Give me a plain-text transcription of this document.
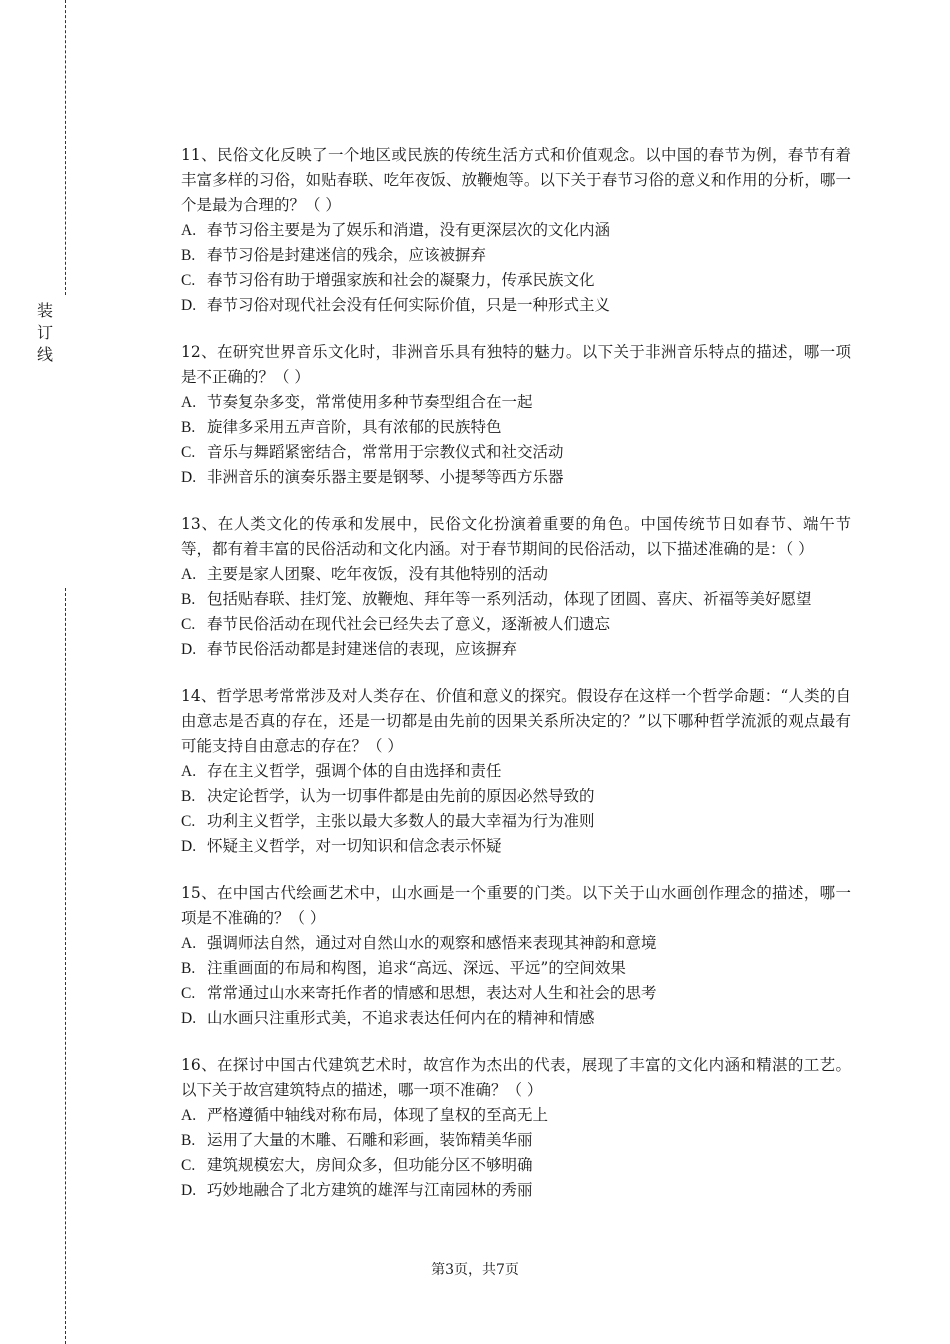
装
订
线

11、民俗文化反映了一个地区或民族的传统生活方式和价值观念。以中国的春节为例，春节有着丰富多样的习俗，如贴春联、吃年夜饭、放鞭炮等。以下关于春节习俗的意义和作用的分析，哪一个是最为合理的？（ ）

A. 春节习俗主要是为了娱乐和消遣，没有更深层次的文化内涵

B. 春节习俗是封建迷信的残余，应该被摒弃

C. 春节习俗有助于增强家族和社会的凝聚力，传承民族文化

D. 春节习俗对现代社会没有任何实际价值，只是一种形式主义

12、在研究世界音乐文化时，非洲音乐具有独特的魅力。以下关于非洲音乐特点的描述，哪一项是不正确的？（ ）

A. 节奏复杂多变，常常使用多种节奏型组合在一起

B. 旋律多采用五声音阶，具有浓郁的民族特色

C. 音乐与舞蹈紧密结合，常常用于宗教仪式和社交活动

D. 非洲音乐的演奏乐器主要是钢琴、小提琴等西方乐器

13、在人类文化的传承和发展中，民俗文化扮演着重要的角色。中国传统节日如春节、端午节等，都有着丰富的民俗活动和文化内涵。对于春节期间的民俗活动，以下描述准确的是：（ ）

A. 主要是家人团聚、吃年夜饭，没有其他特别的活动

B. 包括贴春联、挂灯笼、放鞭炮、拜年等一系列活动，体现了团圆、喜庆、祈福等美好愿望

C. 春节民俗活动在现代社会已经失去了意义，逐渐被人们遗忘

D. 春节民俗活动都是封建迷信的表现，应该摒弃

14、哲学思考常常涉及对人类存在、价值和意义的探究。假设存在这样一个哲学命题：“人类的自由意志是否真的存在，还是一切都是由先前的因果关系所决定的？”以下哪种哲学流派的观点最有可能支持自由意志的存在？（ ）

A. 存在主义哲学，强调个体的自由选择和责任

B. 决定论哲学，认为一切事件都是由先前的原因必然导致的

C. 功利主义哲学，主张以最大多数人的最大幸福为行为准则

D. 怀疑主义哲学，对一切知识和信念表示怀疑

15、在中国古代绘画艺术中，山水画是一个重要的门类。以下关于山水画创作理念的描述，哪一项是不准确的？（ ）

A. 强调师法自然，通过对自然山水的观察和感悟来表现其神韵和意境

B. 注重画面的布局和构图，追求“高远、深远、平远”的空间效果

C. 常常通过山水来寄托作者的情感和思想，表达对人生和社会的思考

D. 山水画只注重形式美，不追求表达任何内在的精神和情感

16、在探讨中国古代建筑艺术时，故宫作为杰出的代表，展现了丰富的文化内涵和精湛的工艺。以下关于故宫建筑特点的描述，哪一项不准确？（ ）

A. 严格遵循中轴线对称布局，体现了皇权的至高无上

B. 运用了大量的木雕、石雕和彩画，装饰精美华丽

C. 建筑规模宏大，房间众多，但功能分区不够明确

D. 巧妙地融合了北方建筑的雄浑与江南园林的秀丽

第3页，共7页
